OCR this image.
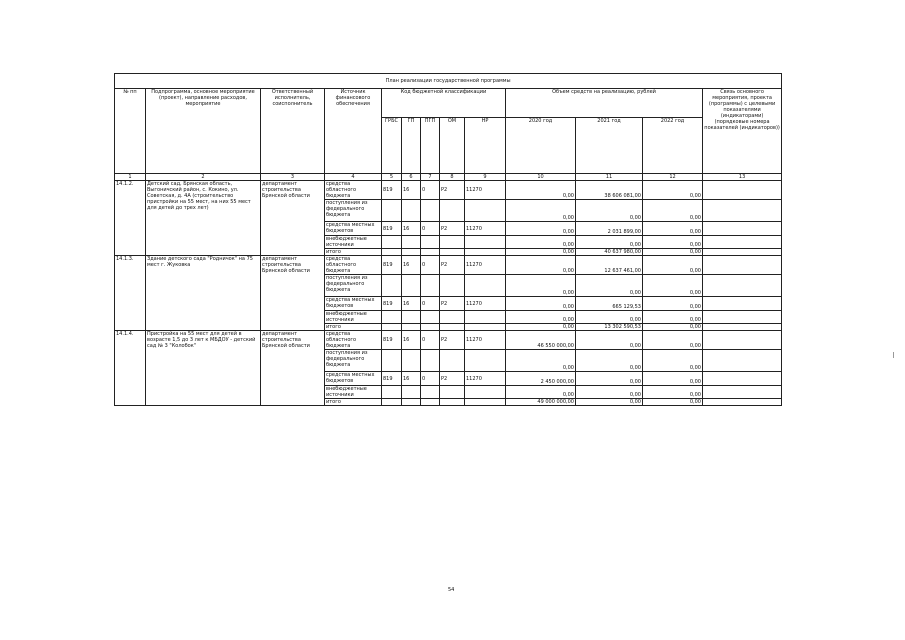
План реализации государственной программы												
№ пп	Подпрограмма, основное мероприятие (проект), направление расходов, мероприятие	Ответственный исполнитель, соисполнитель	Источник финансового обеспечения	Код бюджетной классификации					Объем средств на реализацию, рублей			Связь основного мероприятия, проекта (программы) с целевыми показателями (индикаторами) (порядковые номера показателей (индикаторов))
				ГРБС	ГП	ПГП	ОМ	НР	2020 год	2021 год	2022 год	
1	2	3	4	5	6	7	8	9	10	11	12	13
14.1.2.	Детский сад, Брянская область, Выгоничский район, с. Кокино, ул. Советская, д. 4А (строительство пристройки на 55 мест, на них 55 мест для детей до трех лет)	департамент строительства Брянской области	средства областного бюджета	819	16	0	P2	11270	0,00	38 606 081,00	0,00	
			поступления из федерального бюджета						0,00	0,00	0,00	
			средства местных бюджетов	819	16	0	P2	11270	0,00	2 031 899,00	0,00	
			внебюджетные источники						0,00	0,00	0,00	
			итого						0,00	40 637 980,00	0,00	
14.1.3.	Здание детского сада "Родничок" на 75 мест г. Жуковка	департамент строительства Брянской области	средства областного бюджета	819	16	0	P2	11270	0,00	12 637 461,00	0,00	
			поступления из федерального бюджета						0,00	0,00	0,00	
			средства местных бюджетов	819	16	0	P2	11270	0,00	665 129,53	0,00	
			внебюджетные источники						0,00	0,00	0,00	
			итого						0,00	13 302 590,53	0,00	
14.1.4.	Пристройка на 55 мест для детей в возрасте 1,5 до 3 лет к МБДОУ - детский сад № 3 "Колобок"	департамент строительства Брянской области	средства областного бюджета	819	16	0	P2	11270	46 550 000,00	0,00	0,00	
			поступления из федерального бюджета						0,00	0,00	0,00	
			средства местных бюджетов	819	16	0	P2	11270	2 450 000,00	0,00	0,00	
			внебюджетные источники						0,00	0,00	0,00	
			итого						49 000 000,00	0,00	0,00	
54
